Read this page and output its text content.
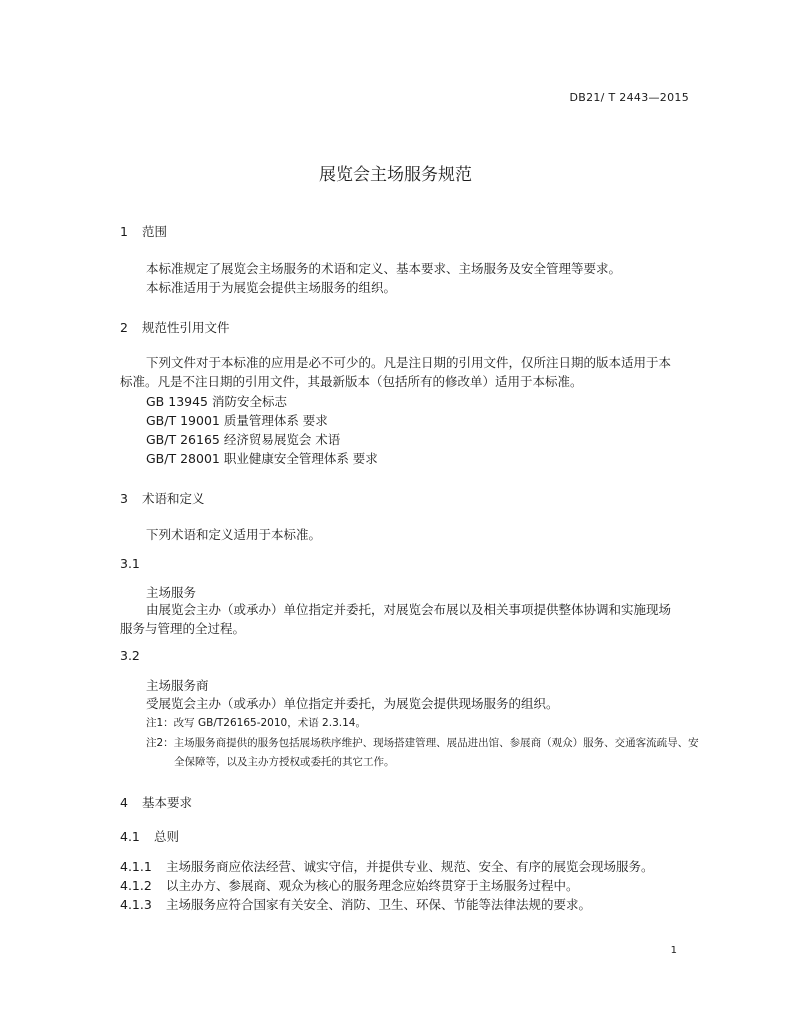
DB21/ T 2443—2015
展览会主场服务规范
1 范围
本标准规定了展览会主场服务的术语和定义、基本要求、主场服务及安全管理等要求。
本标准适用于为展览会提供主场服务的组织。
2 规范性引用文件
下列文件对于本标准的应用是必不可少的。凡是注日期的引用文件，仅所注日期的版本适用于本标准。凡是不注日期的引用文件，其最新版本（包括所有的修改单）适用于本标准。
GB 13945 消防安全标志
GB/T 19001 质量管理体系 要求
GB/T 26165 经济贸易展览会 术语
GB/T 28001 职业健康安全管理体系 要求
3 术语和定义
下列术语和定义适用于本标准。
3.1
主场服务
由展览会主办（或承办）单位指定并委托，对展览会布展以及相关事项提供整体协调和实施现场服务与管理的全过程。
3.2
主场服务商
受展览会主办（或承办）单位指定并委托，为展览会提供现场服务的组织。
注1：改写 GB/T26165-2010，术语 2.3.14。
注2：主场服务商提供的服务包括展场秩序维护、现场搭建管理、展品进出馆、参展商（观众）服务、交通客流疏导、安全保障等，以及主办方授权或委托的其它工作。
4 基本要求
4.1 总则
4.1.1 主场服务商应依法经营、诚实守信，并提供专业、规范、安全、有序的展览会现场服务。
4.1.2 以主办方、参展商、观众为核心的服务理念应始终贯穿于主场服务过程中。
4.1.3 主场服务应符合国家有关安全、消防、卫生、环保、节能等法律法规的要求。
1
